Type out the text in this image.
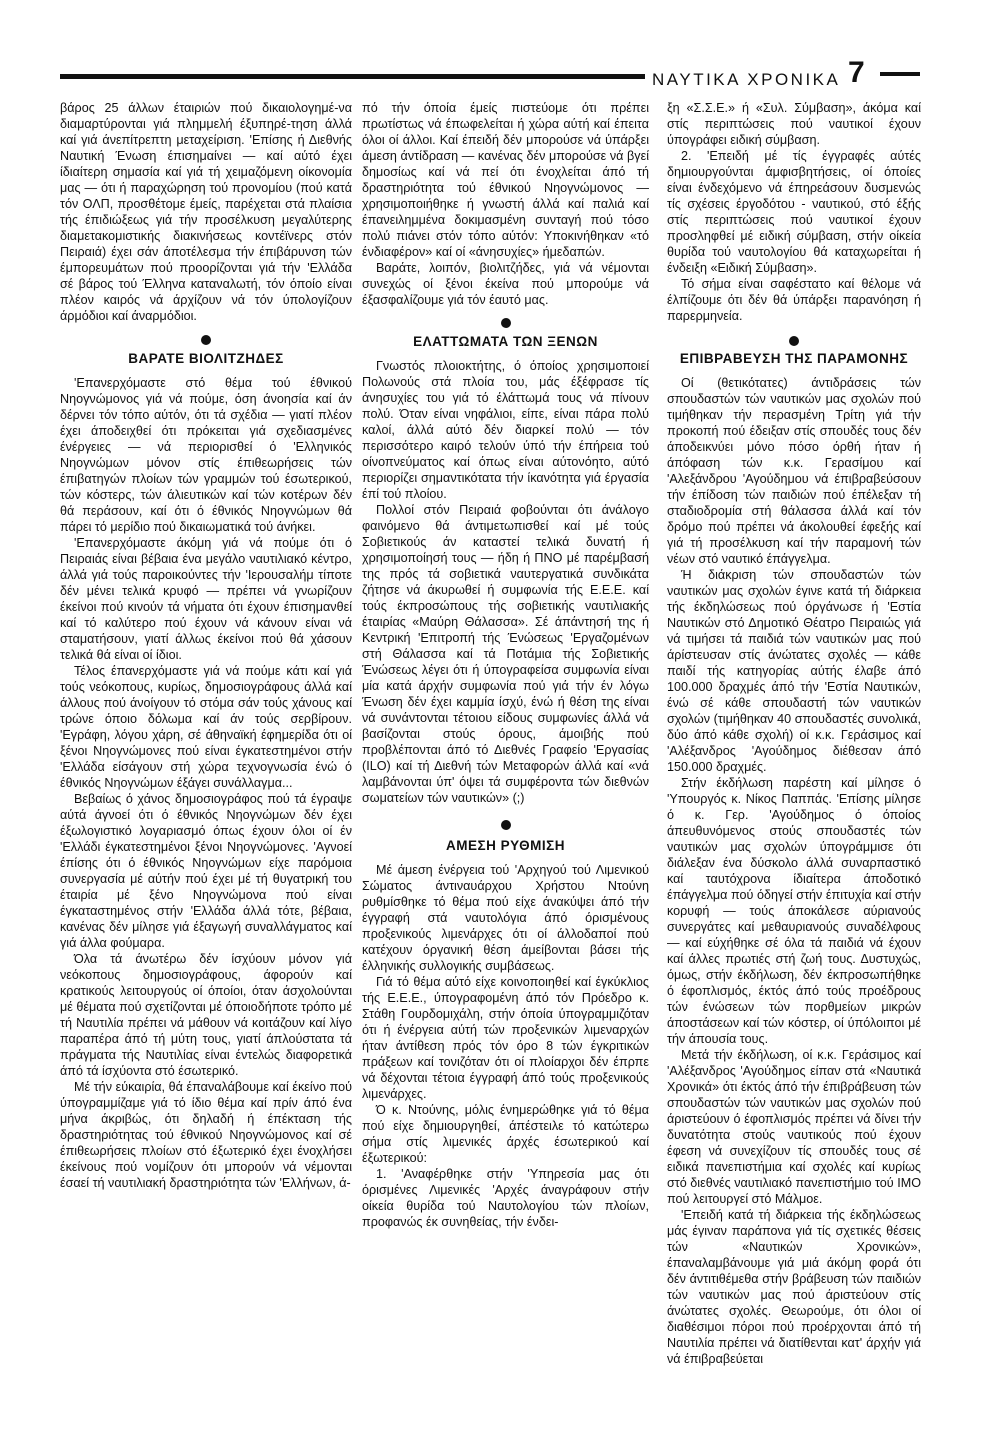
ΝΑΥΤΙΚΑ ΧΡΟΝΙΚΑ 7

βάρος 25 άλλων έταιριών πού δικαιολογημέ-να διαμαρτύρονται γιά πλημμελή έξυπηρέ-τηση άλλά καί γιά άνεπίτρεπτη μεταχείριση. 'Επίσης ή Διεθνής Ναυτική Ένωση έπισημαίνει — καί αύτό έχει ίδιαίτερη σημασία καί γιά τή χειμαζόμενη οίκονομία μας — ότι ή παραχώρηση τού προνομίου (πού κατά τόν ΟΛΠ, προσθέτομε έμείς, παρέχεται στά πλαίσια τής έπιδιώξεως γιά τήν προσέλκυση μεγαλύτερης διαμετακομιστικής διακινήσεως κοντέϊνερς στόν Πειραιά) έχει σάν άποτέλεσμα τήν έπιβάρυνση τών έμπορευμάτων πού προορίζονται γιά τήν 'Ελλάδα σέ βάρος τού Έλληνα καταναλωτή, τόν όποίο είναι πλέον καιρός νά άρχίζουν νά τόν ύπολογίζουν άρμόδιοι καί άναρμόδιοι.

ΒΑΡΑΤΕ ΒΙΟΛΙΤΖΗΔΕΣ

'Επανερχόμαστε στό θέμα τού έθνικού Νηογνώμονος γιά νά πούμε, όση άνοησία καί άν δέρνει τόν τόπο αύτόν, ότι τά σχέδια — γιατί πλέον έχει άποδειχθεί ότι πρόκειται γιά σχεδιασμένες ένέργειες — νά περιορισθεί ό 'Ελληνικός Νηογνώμων μόνον στίς έπιθεωρήσεις τών έπιβατηγών πλοίων τών γραμμών τού έσωτερικού, τών κόστερς, τών άλιευτικών καί τών κοτέρων δέν θά περάσουν, καί ότι ό έθνικός Νηογνώμων θά πάρει τό μερίδιο πού δικαιωματικά τού άνήκει.

'Επανερχόμαστε άκόμη γιά νά πούμε ότι ό Πειραιάς είναι βέβαια ένα μεγάλο ναυτιλιακό κέντρο, άλλά γιά τούς παροικούντες τήν 'Ιερουσαλήμ τίποτε δέν μένει τελικά κρυφό — πρέπει νά γνωρίζουν έκείνοι πού κινούν τά νήματα ότι έχουν έπισημανθεί καί τό καλύτερο πού έχουν νά κάνουν είναι νά σταματήσουν, γιατί άλλως έκείνοι πού θά χάσουν τελικά θά είναι οί ίδιοι.

Τέλος έπανερχόμαστε γιά νά πούμε κάτι καί γιά τούς νεόκοπους, κυρίως, δημοσιογράφους άλλά καί άλλους πού άνοίγουν τό στόμα σάν τούς χάνους καί τρώνε όποιο δόλωμα καί άν τούς σερβίρουν. 'Εγράφη, λόγου χάρη, σέ άθηναϊκή έφημερίδα ότι οί ξένοι Νηογνώμονες πού είναι έγκατεστημένοι στήν 'Ελλάδα είσάγουν στή χώρα τεχνογνωσία ένώ ό έθνικός Νηογνώμων έξάγει συνάλλαγμα...

Βεβαίως ό χάνος δημοσιογράφος πού τά έγραψε αύτά άγνοεί ότι ό έθνικός Νηογνώμων δέν έχει έξωλογιστικό λογαριασμό όπως έχουν όλοι οί έν 'Ελλάδι έγκατεστημένοι ξένοι Νηογνώμονες. 'Αγνοεί έπίσης ότι ό έθνικός Νηογνώμων είχε παρόμοια συνεργασία μέ αύτήν πού έχει μέ τή θυγατρική του έταιρία μέ ξένο Νηογνώμονα πού είναι έγκαταστημένος στήν 'Ελλάδα άλλά τότε, βέβαια, κανένας δέν μίλησε γιά έξαγωγή συναλλάγματος καί γιά άλλα φούμαρα.

Όλα τά άνωτέρω δέν ίσχύουν μόνον γιά νεόκοπους δημοσιογράφους, άφορούν καί κρατικούς λειτουργούς οί όποίοι, όταν άσχολούνται μέ θέματα πού σχετίζονται μέ όποιοδήποτε τρόπο μέ τή Ναυτιλία πρέπει νά μάθουν νά κοιτάζουν καί λίγο παραπέρα άπό τή μύτη τους, γιατί άπλούστατα τά πράγματα τής Ναυτιλίας είναι έντελώς διαφορετικά άπό τά ίσχύοντα στό έσωτερικό.

Μέ τήν εύκαιρία, θά έπαναλάβουμε καί έκείνο πού ύπογραμμίζαμε γιά τό ίδιο θέμα καί πρίν άπό ένα μήνα άκριβώς, ότι δηλαδή ή έπέκταση τής δραστηριότητας τού έθνικού Νηογνώμονος καί σέ έπιθεωρήσεις πλοίων στό έξωτερικό έχει ένοχλήσει έκείνους πού νομίζουν ότι μπορούν νά νέμονται έσαεί τή ναυτιλιακή δραστηριότητα τών 'Ελλήνων, ά-

πό τήν όποία έμείς πιστεύομε ότι πρέπει πρωτίστως νά έπωφελείται ή χώρα αύτή καί έπειτα όλοι οί άλλοι. Καί έπειδή δέν μπορούσε νά ύπάρξει άμεση άντίδραση — κανένας δέν μπορούσε νά βγεί δημοσίως καί νά πεί ότι ένοχλείται άπό τή δραστηριότητα τού έθνικού Νηογνώμονος — χρησιμοποιήθηκε ή γνωστή άλλά καί παλιά καί έπανειλημμένα δοκιμασμένη συνταγή πού τόσο πολύ πιάνει στόν τόπο αύτόν: Υποκινήθηκαν «τό ένδιαφέρον» καί οί «άνησυχίες» ήμεδαπών.

Βαράτε, λοιπόν, βιολιτζήδες, γιά νά νέμονται συνεχώς οί ξένοι έκείνα πού μπορούμε νά έξασφαλίζουμε γιά τόν έαυτό μας.

ΕΛΑΤΤΩΜΑΤΑ ΤΩΝ ΞΕΝΩΝ

Γνωστός πλοιοκτήτης, ό όποίος χρησιμοποιεί Πολωνούς στά πλοία του, μάς έξέφρασε τίς άνησυχίες του γιά τό έλάττωμά τους νά πίνουν πολύ. Όταν είναι νηφάλιοι, είπε, είναι πάρα πολύ καλοί, άλλά αύτό δέν διαρκεί πολύ — τόν περισσότερο καιρό τελούν ύπό τήν έπήρεια τού οίνοπνεύματος καί όπως είναι αύτονόητο, αύτό περιορίζει σημαντικότατα τήν ίκανότητα γιά έργασία έπί τού πλοίου.

Πολλοί στόν Πειραιά φοβούνται ότι άνάλογο φαινόμενο θά άντιμετωπισθεί καί μέ τούς Σοβιετικούς άν καταστεί τελικά δυνατή ή χρησιμοποίησή τους — ήδη ή ΠΝΟ μέ παρέμβασή της πρός τά σοβιετικά ναυτεργατικά συνδικάτα ζήτησε νά άκυρωθεί ή συμφωνία τής Ε.Ε.Ε. καί τούς έκπροσώπους τής σοβιετικής ναυτιλιακής έταιρίας «Μαύρη Θάλασσα». Σέ άπάντησή της ή Κεντρική 'Επιτροπή τής Ένώσεως 'Εργαζομένων στή Θάλασσα καί τά Ποτάμια τής Σοβιετικής Ένώσεως λέγει ότι ή ύπογραφείσα συμφωνία είναι μία κατά άρχήν συμφωνία πού γιά τήν έν λόγω Ένωση δέν έχει καμμία ίσχύ, ένώ ή θέση της είναι νά συνάντονται τέτοιου είδους συμφωνίες άλλά νά βασίζονται στούς όρους, άμοιβής πού προβλέπονται άπό τό Διεθνές Γραφείο 'Εργασίας (ILO) καί τή Διεθνή τών Μεταφορών άλλά καί «νά λαμβάνονται ύπ' όψει τά συμφέροντα τών διεθνών σωματείων τών ναυτικών» (;)

ΑΜΕΣΗ ΡΥΘΜΙΣΗ

Μέ άμεση ένέργεια τού 'Αρχηγού τού Λιμενικού Σώματος άντιναυάρχου Χρήστου Ντούνη ρυθμίσθηκε τό θέμα πού είχε άνακύψει άπό τήν έγγραφή στά ναυτολόγια άπό όρισμένους προξενικούς λιμενάρχες ότι οί άλλοδαποί πού κατέχουν όργανική θέση άμείβονται βάσει τής έλληνικής συλλογικής συμβάσεως.

Γιά τό θέμα αύτό είχε κοινοποιηθεί καί έγκύκλιος τής Ε.Ε.Ε., ύπογραφομένη άπό τόν Πρόεδρο κ. Στάθη Γουρδομιχάλη, στήν όποία ύπογραμμιζόταν ότι ή ένέργεια αύτή τών προξενικών λιμεναρχών ήταν άντίθεση πρός τόν όρο 8 τών έγκριτικών πράξεων καί τονιζόταν ότι οί πλοίαρχοι δέν έπρπε νά δέχονται τέτοια έγγραφή άπό τούς προξενικούς λιμενάρχες.

Ό κ. Ντούνης, μόλις ένημερώθηκε γιά τό θέμα πού είχε δημιουργηθεί, άπέστειλε τό κατώτερω σήμα στίς λιμενικές άρχές έσωτερικού καί έξωτερικού:

1. 'Αναφέρθηκε στήν 'Υπηρεσία μας ότι όρισμένες Λιμενικές 'Αρχές άναγράφουν στήν οίκεία θυρίδα τού Ναυτολογίου τών πλοίων, προφανώς έκ συνηθείας, τήν ένδει-

ξη «Σ.Σ.Ε.» ή «Συλ. Σύμβαση», άκόμα καί στίς περιπτώσεις πού ναυτικοί έχουν ύπογράφει ειδική σύμβαση.

2. 'Επειδή μέ τίς έγγραφές αύτές δημιουργούνται άμφισβητήσεις, οί όποίες είναι ένδεχόμενο νά έπηρεάσουν δυσμενώς τίς σχέσεις έργοδότου - ναυτικού, στό έξής στίς περιπτώσεις πού ναυτικοί έχουν προσληφθεί μέ ειδική σύμβαση, στήν οίκεία θυρίδα τού ναυτολογίου θά καταχωρείται ή ένδειξη «Ειδική Σύμβαση».

Τό σήμα είναι σαφέστατο καί θέλομε νά έλπίζουμε ότι δέν θά ύπάρξει παρανόηση ή παρερμηνεία.

ΕΠΙΒΡΑΒΕΥΣΗ ΤΗΣ ΠΑΡΑΜΟΝΗΣ

Οί (θετικότατες) άντιδράσεις τών σπουδαστών τών ναυτικών μας σχολών πού τιμήθηκαν τήν περασμένη Τρίτη γιά τήν προκοπή πού έδειξαν στίς σπουδές τους δέν άποδεικνύει μόνο πόσο όρθή ήταν ή άπόφαση τών κ.κ. Γερασίμου καί 'Αλεξάνδρου 'Αγούδημου νά έπιβραβεύσουν τήν έπίδοση τών παιδιών πού έπέλεξαν τή σταδιοδρομία στή θάλασσα άλλά καί τόν δρόμο πού πρέπει νά άκολουθεί έφεξής καί γιά τή προσέλκυση καί τήν παραμονή τών νέων στό ναυτικό έπάγγελμα.

Ή διάκριση τών σπουδαστών τών ναυτικών μας σχολών έγινε κατά τή διάρκεια τής έκδηλώσεως πού όργάνωσε ή 'Εστία Ναυτικών στό Δημοτικό Θέατρο Πειραιώς γιά νά τιμήσει τά παιδιά τών ναυτικών μας πού άρίστευσαν στίς άνώτατες σχολές — κάθε παιδί τής κατηγορίας αύτής έλαβε άπό 100.000 δραχμές άπό τήν 'Εστία Ναυτικών, ένώ σέ κάθε σπουδαστή τών ναυτικών σχολών (τιμήθηκαν 40 σπουδαστές συνολικά, δύο άπό κάθε σχολή) οί κ.κ. Γεράσιμος καί 'Αλέξανδρος 'Αγούδημος διέθεσαν άπό 150.000 δραχμές.

Στήν έκδήλωση παρέστη καί μίλησε ό 'Υπουργός κ. Νίκος Παππάς. 'Επίσης μίλησε ό κ. Γερ. 'Αγούδημος ό όποίος άπευθυνόμενος στούς σπουδαστές τών ναυτικών μας σχολών ύπογράμμισε ότι διάλεξαν ένα δύσκολο άλλά συναρπαστικό καί ταυτόχρονα ίδιαίτερα άποδοτικό έπάγγελμα πού όδηγεί στήν έπιτυχία καί στήν κορυφή — τούς άποκάλεσε αύριανούς συνεργάτες καί μεθαυριανούς συναδέλφους — καί εύχήθηκε σέ όλα τά παιδιά νά έχουν καί άλλες πρωτιές στή ζωή τους. Δυστυχώς, όμως, στήν έκδήλωση, δέν έκπροσωπήθηκε ό έφοπλισμός, έκτός άπό τούς προέδρους τών ένώσεων τών πορθμείων μικρών άποστάσεων καί τών κόστερ, οί ύπόλοιποι μέ τήν άπουσία τους.

Μετά τήν έκδήλωση, οί κ.κ. Γεράσιμος καί 'Αλέξανδρος 'Αγούδημος είπαν στά «Ναυτικά Χρονικά» ότι έκτός άπό τήν έπιβράβευση τών σπουδαστών τών ναυτικών μας σχολών πού άριστεύουν ό έφοπλισμός πρέπει νά δίνει τήν δυνατότητα στούς ναυτικούς πού έχουν έφεση νά συνεχίζουν τίς σπουδές τους σέ ειδικά πανεπιστήμια καί σχολές καί κυρίως στό διεθνές ναυτιλιακό πανεπιστήμιο τού ΙΜΟ πού λειτουργεί στό Μάλμοε.

'Επειδή κατά τή διάρκεια τής έκδηλώσεως μάς έγιναν παράπονα γιά τίς σχετικές θέσεις τών «Ναυτικών Χρονικών», έπαναλαμβάνουμε γιά μιά άκόμη φορά ότι δέν άντιτιθέμεθα στήν βράβευση τών παιδιών τών ναυτικών μας πού άριστεύουν στίς άνώτατες σχολές. Θεωρούμε, ότι όλοι οί διαθέσιμοι πόροι πού προέρχονται άπό τή Ναυτιλία πρέπει νά διατίθενται κατ' άρχήν γιά νά έπιβραβεύεται
